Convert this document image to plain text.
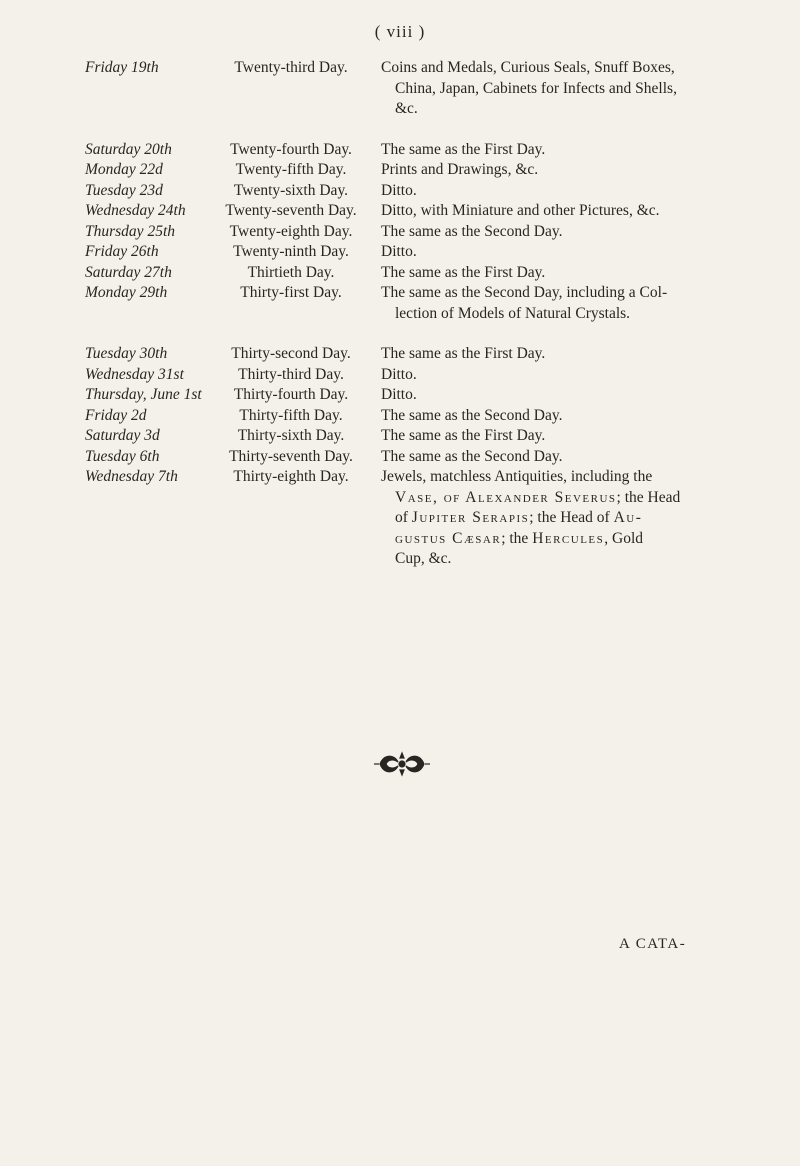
( viii )
Friday 19th	Twenty-third Day.	Coins and Medals, Curious Seals, Snuff Boxes,
China, Japan, Cabinets for Infects and Shells,
&c.
Saturday 20th	Twenty-fourth Day.	The same as the First Day.
Monday 22d	Twenty-fifth Day.	Prints and Drawings, &c.
Tuesday 23d	Twenty-sixth Day.	Ditto.
Wednesday 24th	Twenty-seventh Day.	Ditto, with Miniature and other Pictures, &c.
Thursday 25th	Twenty-eighth Day.	The same as the Second Day.
Friday 26th	Twenty-ninth Day.	Ditto.
Saturday 27th	Thirtieth Day.	The same as the First Day.
Monday 29th	Thirty-first Day.	The same as the Second Day, including a Col-
lection of Models of Natural Crystals.
Tuesday 30th	Thirty-second Day.	The same as the First Day.
Wednesday 31st	Thirty-third Day.	Ditto.
Thursday, June 1st	Thirty-fourth Day.	Ditto.
Friday 2d	Thirty-fifth Day.	The same as the Second Day.
Saturday 3d	Thirty-sixth Day.	The same as the First Day.
Tuesday 6th	Thirty-seventh Day.	The same as the Second Day.
Wednesday 7th	Thirty-eighth Day.	Jewels, matchless Antiquities, including the
Vase, of Alexander Severus; the Head
of Jupiter Serapis; the Head of Au-
gustus Cæsar; the Hercules, Gold
Cup, &c.
A CATA-
